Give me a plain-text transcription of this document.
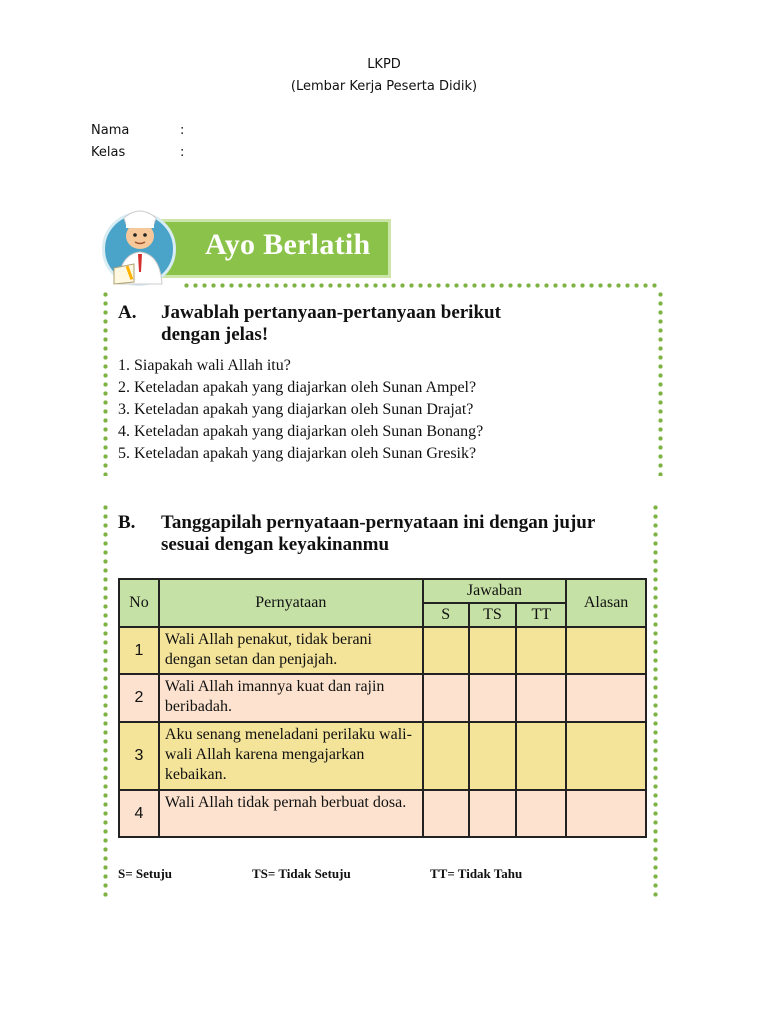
LKPD
(Lembar Kerja Peserta Didik)
Nama	:
Kelas	:
Ayo Berlatih
A. Jawablah pertanyaan-pertanyaan berikut
dengan jelas!
1. Siapakah wali Allah itu?
2. Keteladan apakah yang diajarkan oleh Sunan Ampel?
3. Keteladan apakah yang diajarkan oleh Sunan Drajat?
4. Keteladan apakah yang diajarkan oleh Sunan Bonang?
5. Keteladan apakah yang diajarkan oleh Sunan Gresik?
B. Tanggapilah pernyataan-pernyataan ini dengan jujur
sesuai dengan keyakinanmu
No	Pernyataan	Jawaban			Alasan
		S	TS	TT	
1	Wali Allah penakut, tidak berani dengan setan dan penjajah.				
2	Wali Allah imannya kuat dan rajin beribadah.				
3	Aku senang meneladani perilaku wali-wali Allah karena mengajarkan kebaikan.				
4	Wali Allah tidak pernah berbuat dosa.				
S= Setuju	TS= Tidak Setuju	TT= Tidak Tahu
